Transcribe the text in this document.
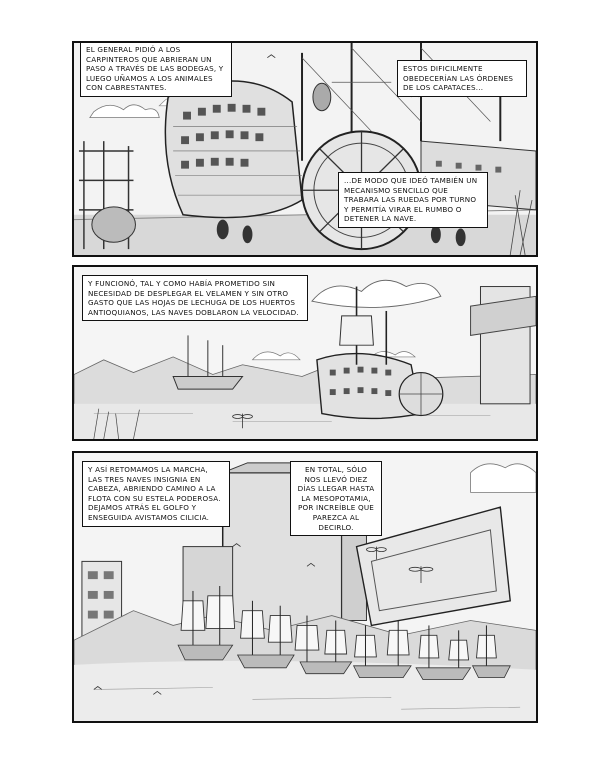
EL GENERAL PIDIÓ A LOS CARPINTEROS QUE ABRIERAN UN PASO A TRAVÉS DE LAS BODEGAS, Y LUEGO UÑAMOS A LOS ANIMALES CON CABRESTANTES.
ESTOS DIFICILMENTE OBEDECERÍAN LAS ÓRDENES DE LOS CAPATACES...
...DE MODO QUE IDEÓ TAMBIÉN UN MECANISMO SENCILLO QUE TRABARA LAS RUEDAS POR TURNO Y PERMITÍA VIRAR EL RUMBO O DETENER LA NAVE.
Y FUNCIONÓ, TAL Y COMO HABÍA PROMETIDO SIN NECESIDAD DE DESPLEGAR EL VELAMEN Y SIN OTRO GASTO QUE LAS HOJAS DE LECHUGA DE LOS HUERTOS ANTIOQUIANOS, LAS NAVES DOBLARON LA VELOCIDAD.
Y ASÍ RETOMAMOS LA MARCHA, LAS TRES NAVES INSIGNIA EN CABEZA, ABRIENDO CAMINO A LA FLOTA CON SU ESTELA PODEROSA. DEJAMOS ATRÁS EL GOLFO Y ENSEGUIDA AVISTAMOS CILICIA.
EN TOTAL, SÓLO NOS LLEVÓ DIEZ DÍAS LLEGAR HASTA LA MESOPOTAMIA, POR INCREÍBLE QUE PAREZCA AL DECIRLO.
